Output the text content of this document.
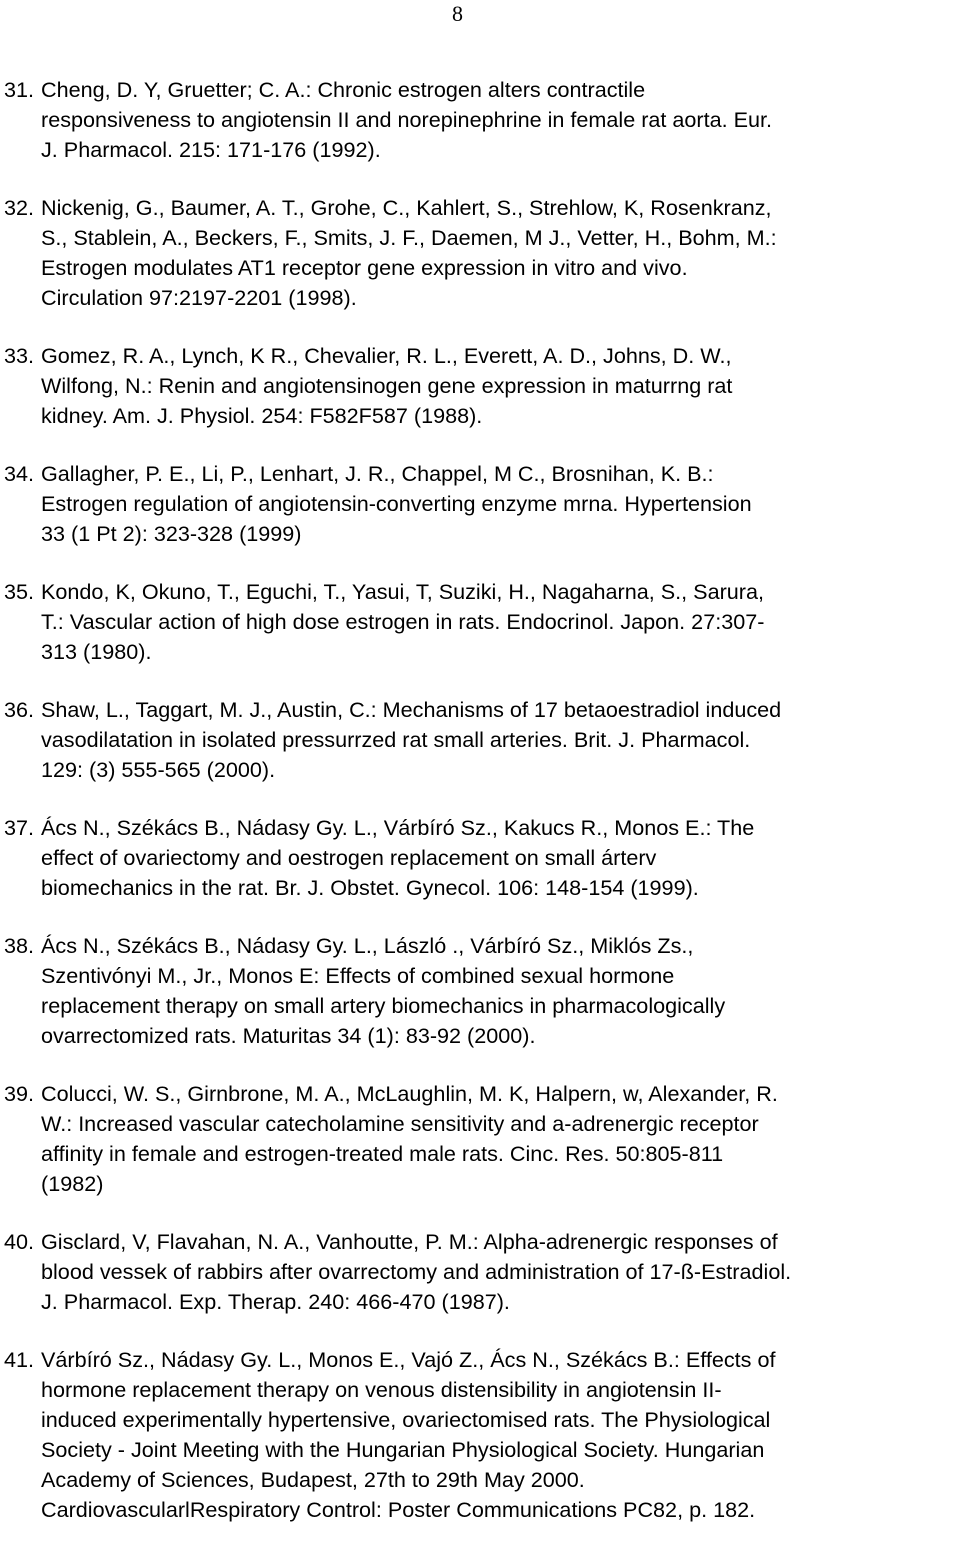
8
31. Cheng, D. Y, Gruetter; C. A.: Chronic estrogen alters contractile
responsiveness to angiotensin II and norepinephrine in female rat aorta. Eur.
J. Pharmacol. 215: 171-176 (1992).
32. Nickenig, G., Baumer, A. T., Grohe, C., Kahlert, S., Strehlow, K, Rosenkranz,
S., Stablein, A., Beckers, F., Smits, J. F., Daemen, M J., Vetter, H., Bohm, M.:
Estrogen modulates AT1 receptor gene expression in vitro and vivo.
Circulation 97:2197-2201 (1998).
33. Gomez, R. A., Lynch, K R., Chevalier, R. L., Everett, A. D., Johns, D. W.,
Wilfong, N.: Renin and angiotensinogen gene expression in maturrng rat
kidney. Am. J. Physiol. 254: F582F587 (1988).
34. Gallagher, P. E., Li, P., Lenhart, J. R., Chappel, M C., Brosnihan, K. B.:
Estrogen regulation of angiotensin-converting enzyme mrna. Hypertension
33 (1 Pt 2): 323-328 (1999)
35. Kondo, K, Okuno, T., Eguchi, T., Yasui, T, Suziki, H., Nagaharna, S., Sarura,
T.: Vascular action of high dose estrogen in rats. Endocrinol. Japon. 27:307-
313 (1980).
36. Shaw, L., Taggart, M. J., Austin, C.: Mechanisms of 17 betaoestradiol induced
vasodilatation in isolated pressurrzed rat small arteries. Brit. J. Pharmacol.
129: (3) 555-565 (2000).
37. Ács N., Székács B., Nádasy Gy. L., Várbíró Sz., Kakucs R., Monos E.: The
effect of ovariectomy and oestrogen replacement on small árterv
biomechanics in the rat. Br. J. Obstet. Gynecol. 106: 148-154 (1999).
38. Ács N., Székács B., Nádasy Gy. L., László ., Várbíró Sz., Miklós Zs.,
Szentivónyi M., Jr., Monos E: Effects of combined sexual hormone
replacement therapy on small artery biomechanics in pharmacologically
ovarrectomized rats. Maturitas 34 (1): 83-92 (2000).
39. Colucci, W. S., Girnbrone, M. A., McLaughlin, M. K, Halpern, w, Alexander, R.
W.: Increased vascular catecholamine sensitivity and a-adrenergic receptor
affinity in female and estrogen-treated male rats. Cinc. Res. 50:805-811
(1982)
40. Gisclard, V, Flavahan, N. A., Vanhoutte, P. M.: Alpha-adrenergic responses of
blood vessek of rabbirs after ovarrectomy and administration of 17-ß-Estradiol.
J. Pharmacol. Exp. Therap. 240: 466-470 (1987).
41. Várbíró Sz., Nádasy Gy. L., Monos E., Vajó Z., Ács N., Székács B.: Effects of
hormone replacement therapy on venous distensibility in angiotensin II-
induced experimentally hypertensive, ovariectomised rats. The Physiological
Society - Joint Meeting with the Hungarian Physiological Society. Hungarian
Academy of Sciences, Budapest, 27th to 29th May 2000.
CardiovascularlRespiratory Control: Poster Communications PC82, p. 182.
